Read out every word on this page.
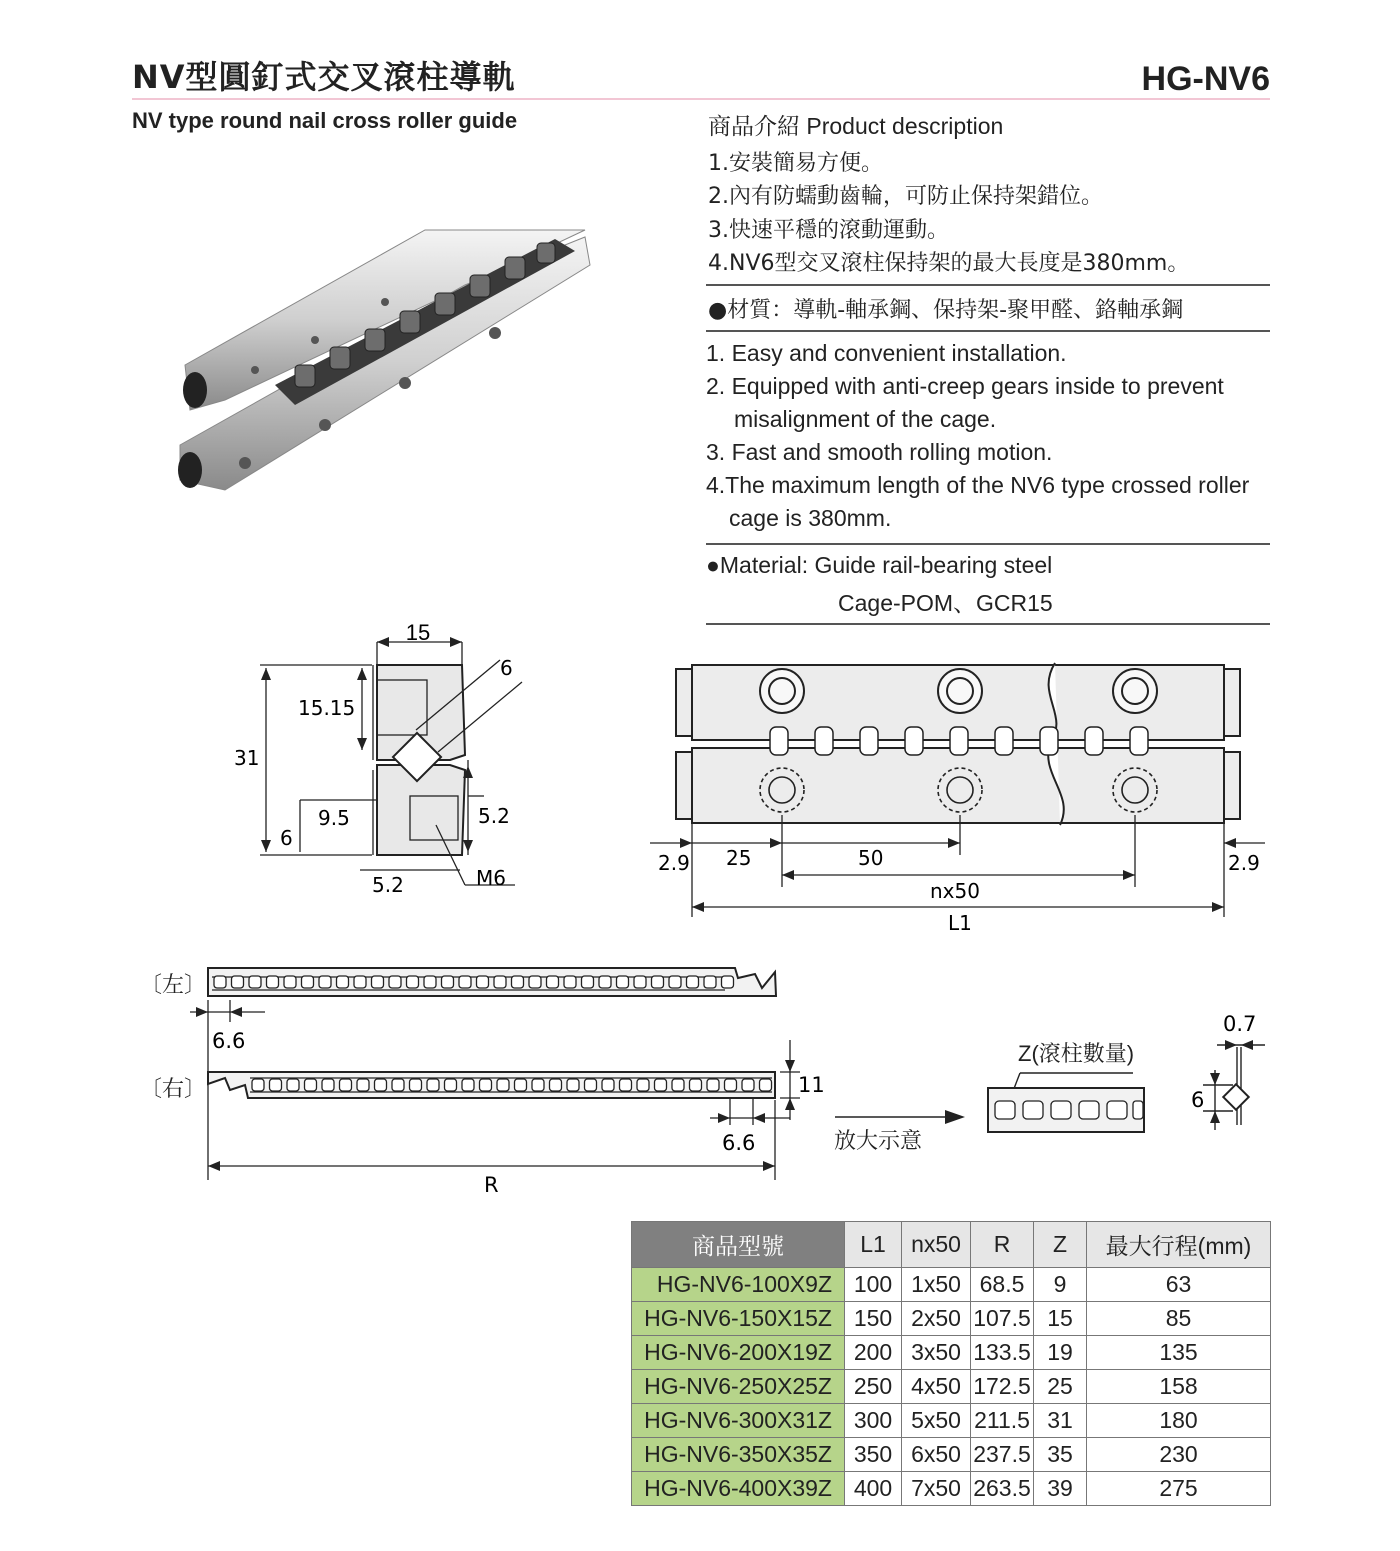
NV型圓釘式交叉滾柱導軌	HG-NV6
NV type round nail cross roller guide	商品介紹 Product description
1.安裝簡易方便。
2.內有防蠕動齒輪，可防止保持架錯位。
3.快速平穩的滾動運動。
4.NV6型交叉滾柱保持架的最大長度是380mm。
●材質：導軌-軸承鋼、保持架-聚甲醛、鉻軸承鋼
1. Easy and convenient installation.
2. Equipped with anti-creep gears inside to prevent
misalignment of the cage.
3. Fast and smooth rolling motion.
4.The maximum length of the NV6 type crossed roller
cage is 380mm.
●Material: Guide rail-bearing steel
Cage-POM、GCR15
15
15.15
31
6
9.5
6
5.2
5.2	M6
2.9 25	50	2.9
nx50
L1
〔左〕
〔右〕
6.6
6.6
11
R
放大示意
Z(滾柱數量)
6
0.7
商品型號	L1	nx50	R	Z	最大行程(mm)
HG-NV6-100X9Z	100	1x50	68.5	9	63
HG-NV6-150X15Z	150	2x50	107.5	15	85
HG-NV6-200X19Z	200	3x50	133.5	19	135
HG-NV6-250X25Z	250	4x50	172.5	25	158
HG-NV6-300X31Z	300	5x50	211.5	31	180
HG-NV6-350X35Z	350	6x50	237.5	35	230
HG-NV6-400X39Z	400	7x50	263.5	39	275
